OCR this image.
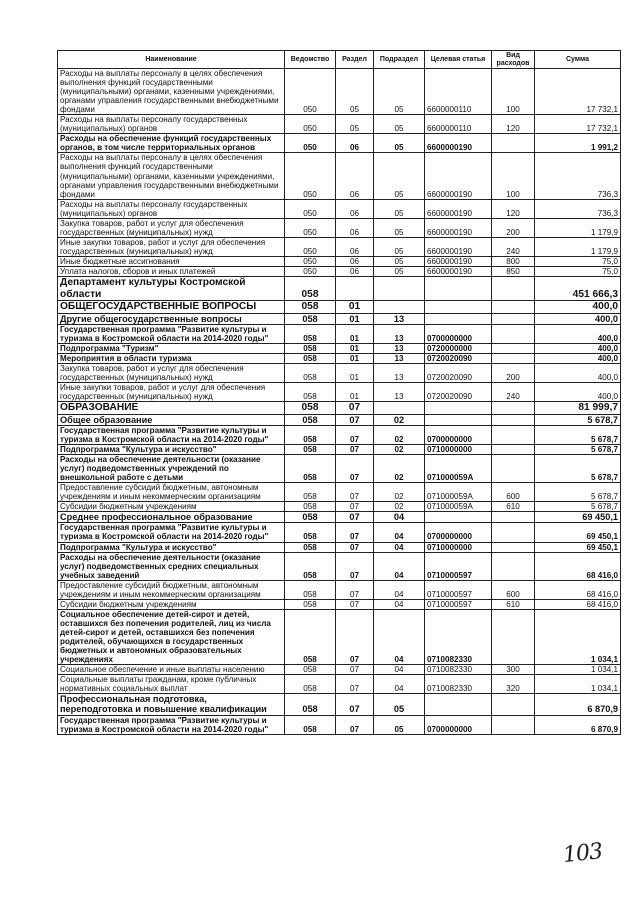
Наименование	Ведомство	Раздел	Подраздел	Целевая статья	Вид расходов	Сумма
Расходы на выплаты персоналу в целях обеспечения выполнения функций государственными (муниципальными) органами, казенными учреждениями, органами управления государственными внебюджетными фондами	050	05	05	6600000110	100	17 732,1
Расходы на выплаты персоналу государственных (муниципальных) органов	050	05	05	6600000110	120	17 732,1
Расходы на обеспечение функций государственных органов, в том числе территориальных органов	050	06	05	6600000190		1 991,2
Расходы на выплаты персоналу в целях обеспечения выполнения функций государственными (муниципальными) органами, казенными учреждениями, органами управления государственными внебюджетными фондами	050	06	05	6600000190	100	736,3
Расходы на выплаты персоналу государственных (муниципальных) органов	050	06	05	6600000190	120	736,3
Закупка товаров, работ и услуг для обеспечения государственных (муниципальных) нужд	050	06	05	6600000190	200	1 179,9
Иные закупки товаров, работ и услуг для обеспечения государственных (муниципальных) нужд	050	06	05	6600000190	240	1 179,9
Иные бюджетные ассигнования	050	06	05	6600000190	800	75,0
Уплата налогов, сборов и иных платежей	050	06	05	6600000190	850	75,0
Департамент культуры Костромской области	058					451 666,3
ОБЩЕГОСУДАРСТВЕННЫЕ ВОПРОСЫ	058	01				400,0
Другие общегосударственные вопросы	058	01	13			400,0
Государственная программа "Развитие культуры и туризма в Костромской области на 2014-2020 годы"	058	01	13	0700000000		400,0
Подпрограмма "Туризм"	058	01	13	0720000000		400,0
Мероприятия в области туризма	058	01	13	0720020090		400,0
Закупка товаров, работ и услуг для обеспечения государственных (муниципальных) нужд	058	01	13	0720020090	200	400,0
Иные закупки товаров, работ и услуг для обеспечения государственных (муниципальных) нужд	058	01	13	0720020090	240	400,0
ОБРАЗОВАНИЕ	058	07				81 999,7
Общее образование	058	07	02			5 678,7
Государственная программа "Развитие культуры и туризма в Костромской области на 2014-2020 годы"	058	07	02	0700000000		5 678,7
Подпрограмма "Культура и искусство"	058	07	02	0710000000		5 678,7
Расходы на обеспечение деятельности (оказание услуг) подведомственных учреждений по внешкольной работе с детьми	058	07	02	071000059А		5 678,7
Предоставление субсидий бюджетным, автономным учреждениям и иным некоммерческим организациям	058	07	02	071000059А	600	5 678,7
Субсидии бюджетным учреждениям	058	07	02	071000059А	610	5 678,7
Среднее профессиональное образование	058	07	04			69 450,1
Государственная программа "Развитие культуры и туризма в Костромской области на 2014-2020 годы"	058	07	04	0700000000		69 450,1
Подпрограмма "Культура и искусство"	058	07	04	0710000000		69 450,1
Расходы на обеспечение деятельности (оказание услуг) подведомственных средних специальных учебных заведений	058	07	04	0710000597		68 416,0
Предоставление субсидий бюджетным, автономным учреждениям и иным некоммерческим организациям	058	07	04	0710000597	600	68 416,0
Субсидии бюджетным учреждениям	058	07	04	0710000597	610	68 416,0
Социальное обеспечение детей-сирот и детей, оставшихся без попечения родителей, лиц из числа детей-сирот и детей, оставшихся без попечения родителей, обучающихся в государственных бюджетных и автономных образовательных учреждениях	058	07	04	0710082330		1 034,1
Социальное обеспечение и иные выплаты населению	058	07	04	0710082330	300	1 034,1
Социальные выплаты гражданам, кроме публичных нормативных социальных выплат	058	07	04	0710082330	320	1 034,1
Профессиональная подготовка, переподготовка и повышение квалификации	058	07	05			6 870,9
Государственная программа "Развитие культуры и туризма в Костромской области на 2014-2020 годы"	058	07	05	0700000000		6 870,9
103
